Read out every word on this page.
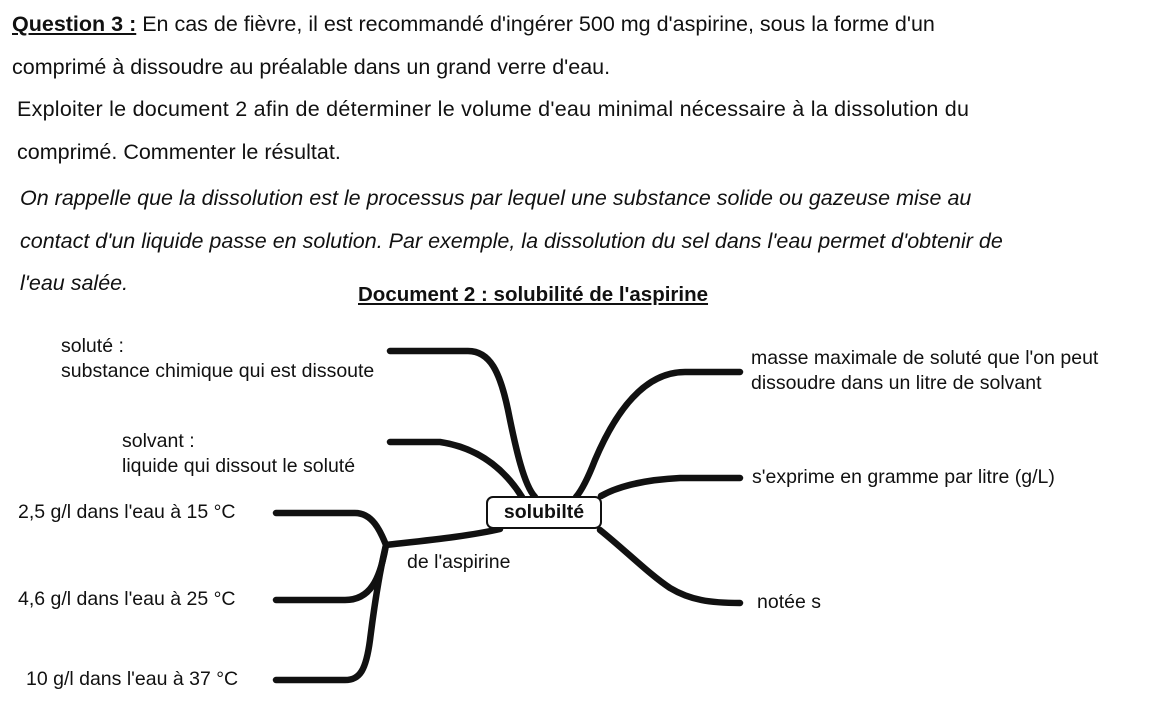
Question 3 : En cas de fièvre, il est recommandé d'ingérer 500 mg d'aspirine, sous la forme d'un
comprimé à dissoudre au préalable dans un grand verre d'eau.
Exploiter le document 2 afin de déterminer le volume d'eau minimal nécessaire à la dissolution du
comprimé. Commenter le résultat.
On rappelle que la dissolution est le processus par lequel une substance solide ou gazeuse mise au
contact d'un liquide passe en solution. Par exemple, la dissolution du sel dans l'eau permet d'obtenir de
l'eau salée.	Document 2 : solubilité de l'aspirine
soluté :
substance chimique qui est dissoute
solvant :
liquide qui dissout le soluté
masse maximale de soluté que l'on peut
dissoudre dans un litre de solvant
s'exprime en gramme par litre (g/L)
notée s
solubilté
de l'aspirine
2,5 g/l dans l'eau à 15 °C
4,6 g/l dans l'eau à 25 °C
10 g/l dans l'eau à 37 °C
